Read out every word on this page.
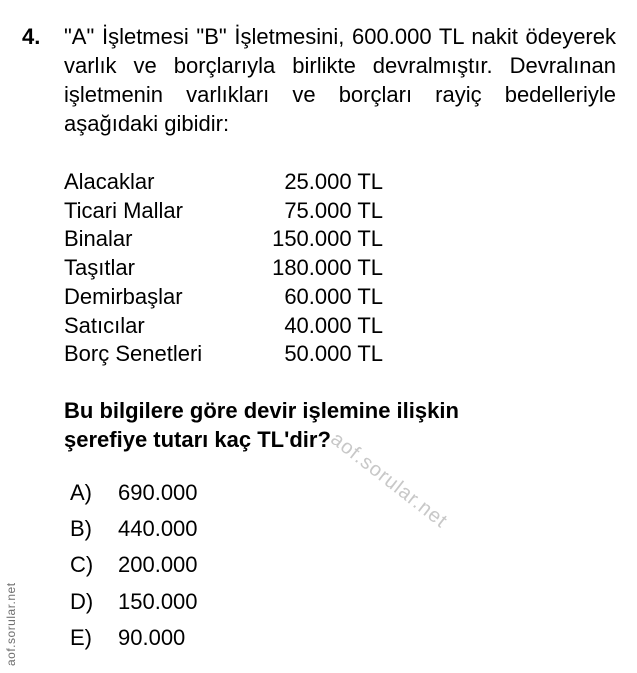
4. "A" İşletmesi "B" İşletmesini, 600.000 TL nakit ödeyerek varlık ve borçlarıyla birlikte devralmıştır. Devralınan işletmenin varlıkları ve borçları rayiç bedelleriyle aşağıdaki gibidir:
Alacaklar	25.000 TL
Ticari Mallar	75.000 TL
Binalar	150.000 TL
Taşıtlar	180.000 TL
Demirbaşlar	60.000 TL
Satıcılar	40.000 TL
Borç Senetleri	50.000 TL
aof.sorular.net
Bu bilgilere göre devir işlemine ilişkin şerefiye tutarı kaç TL'dir?
A) 690.000
B) 440.000
C) 200.000
D) 150.000
E) 90.000
aof.sorular.net
